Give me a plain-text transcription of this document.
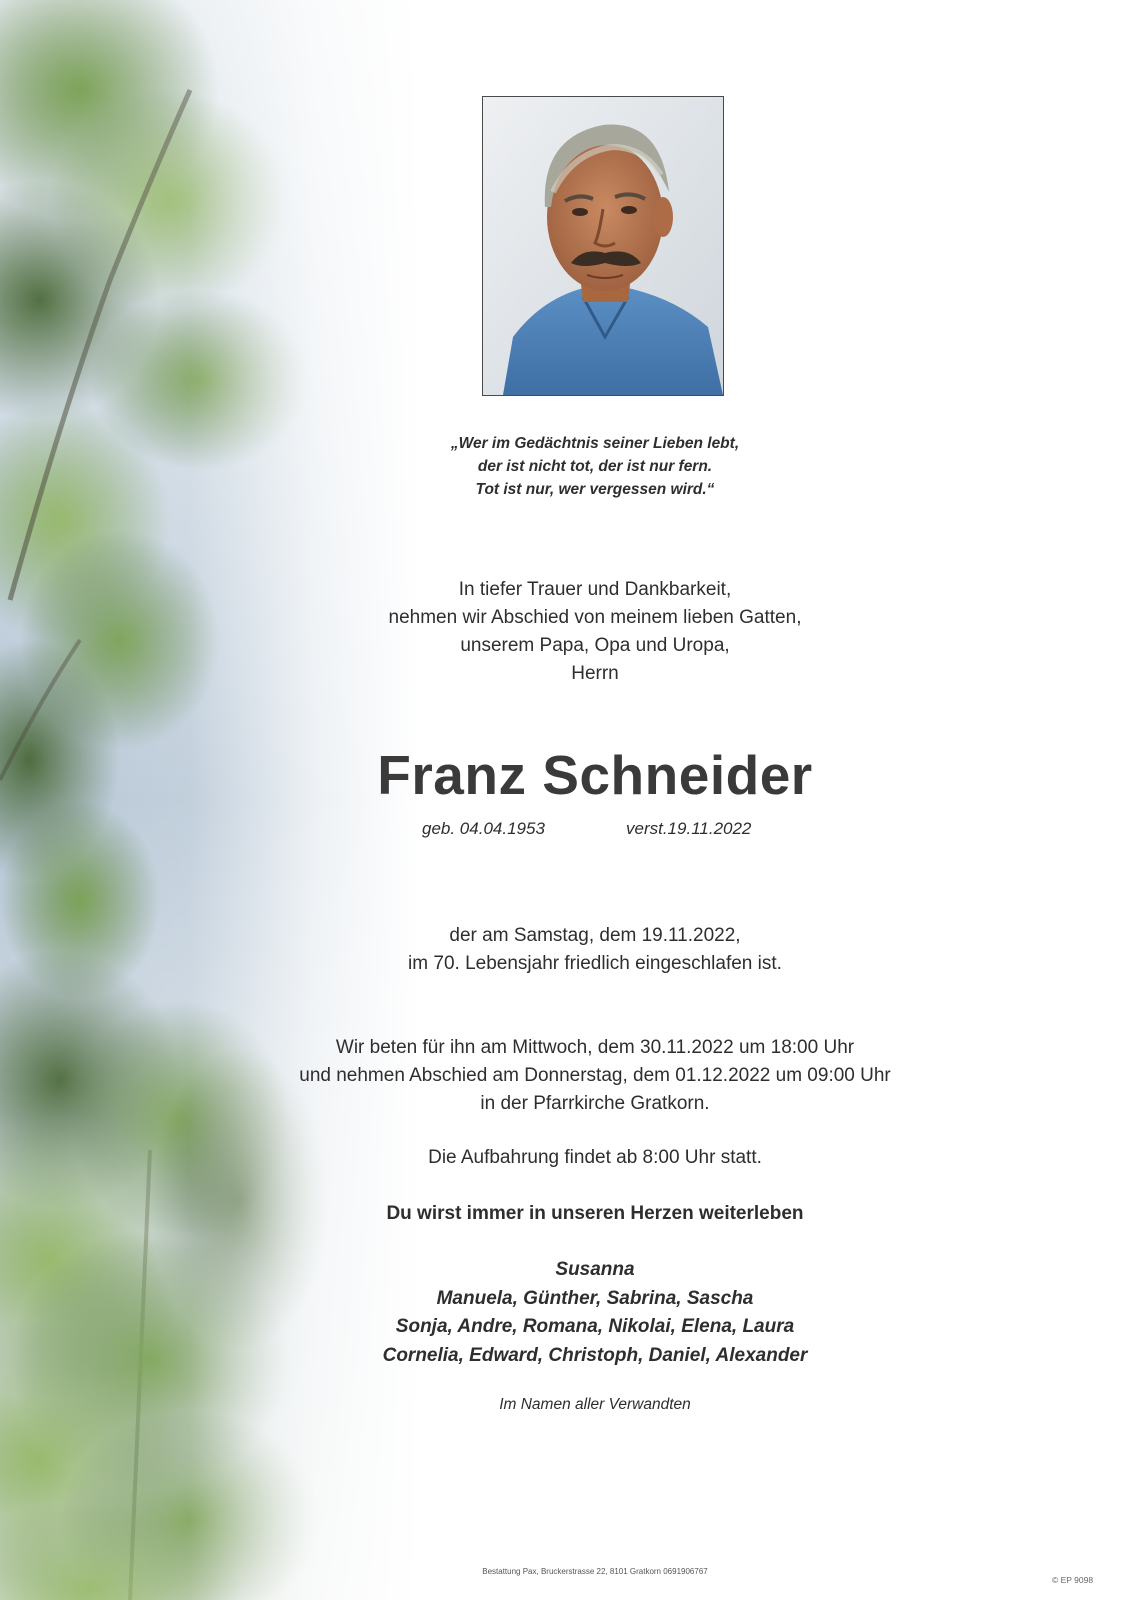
„Wer im Gedächtnis seiner Lieben lebt,
der ist nicht tot, der ist nur fern.
Tot ist nur, wer vergessen wird.“
In tiefer Trauer und Dankbarkeit,
nehmen wir Abschied von meinem lieben Gatten,
unserem Papa, Opa und Uropa,
Herrn
Franz Schneider
geb. 04.04.1953	verst.19.11.2022
der am Samstag, dem 19.11.2022,
im 70. Lebensjahr friedlich eingeschlafen ist.
Wir beten für ihn am Mittwoch, dem 30.11.2022 um 18:00 Uhr
und nehmen Abschied am Donnerstag, dem 01.12.2022 um 09:00 Uhr
in der Pfarrkirche Gratkorn.
Die Aufbahrung findet ab 8:00 Uhr statt.
Du wirst immer in unseren Herzen weiterleben
Susanna
Manuela, Günther, Sabrina, Sascha
Sonja, Andre, Romana, Nikolai, Elena, Laura
Cornelia, Edward, Christoph, Daniel, Alexander
Im Namen aller Verwandten
Bestattung Pax, Bruckerstrasse 22, 8101 Gratkorn 0691906767
© EP 9098
